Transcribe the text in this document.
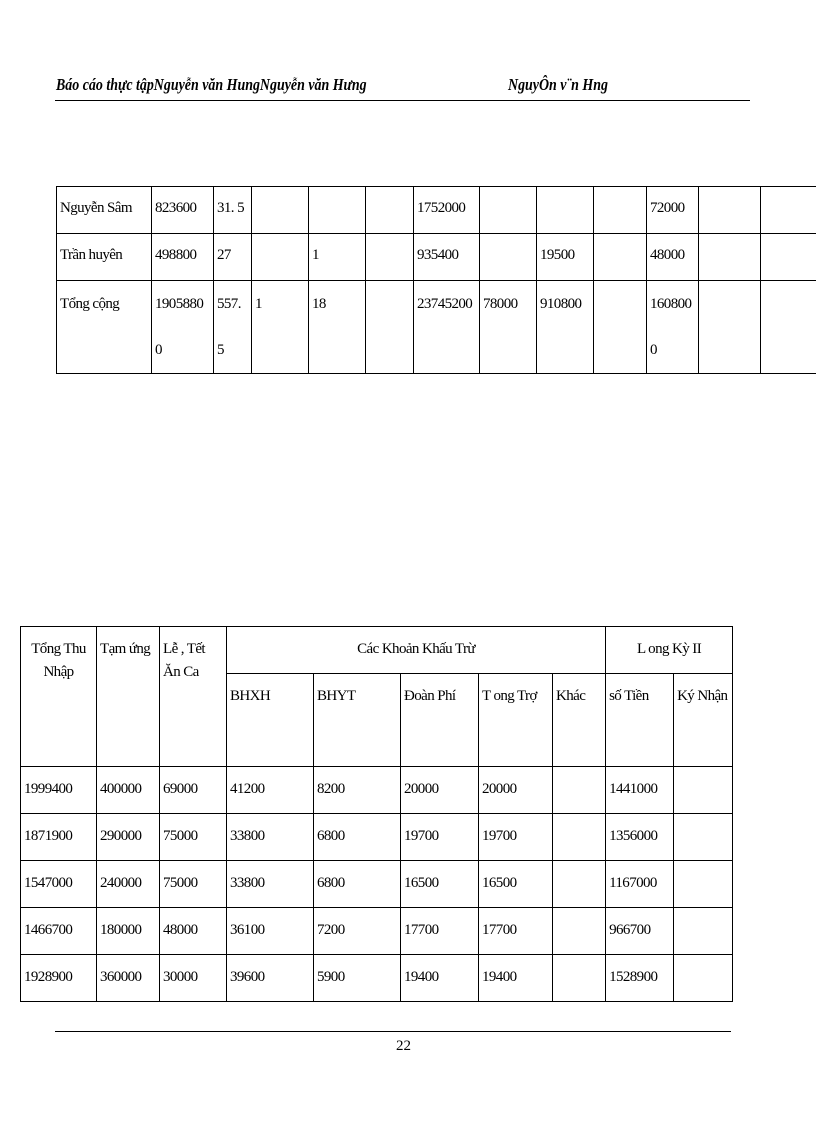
Báo cáo thực tậpNguyễn văn HungNguyễn văn Hưng	NguyÔn v¨n Hng
Nguyễn Sâm	823600	31. 5				1752000				72000		
Trần huyên	498800	27		1		935400		19500		48000		
Tổng cộng	1905880 0	557. 5	1	18		23745200	78000	910800		160800 0		
Tổng Thu Nhập	Tạm ứng	Lễ , Tết Ăn Ca	Các Khoản Khấu Trừ					L ong Kỳ II	
			BHXH	BHYT	Đoàn Phí	T ong Trợ	Khác	số Tiền	Ký Nhận
1999400	400000	69000	41200	8200	20000	20000		1441000	
1871900	290000	75000	33800	6800	19700	19700		1356000	
1547000	240000	75000	33800	6800	16500	16500		1167000	
1466700	180000	48000	36100	7200	17700	17700		966700	
1928900	360000	30000	39600	5900	19400	19400		1528900	
22
